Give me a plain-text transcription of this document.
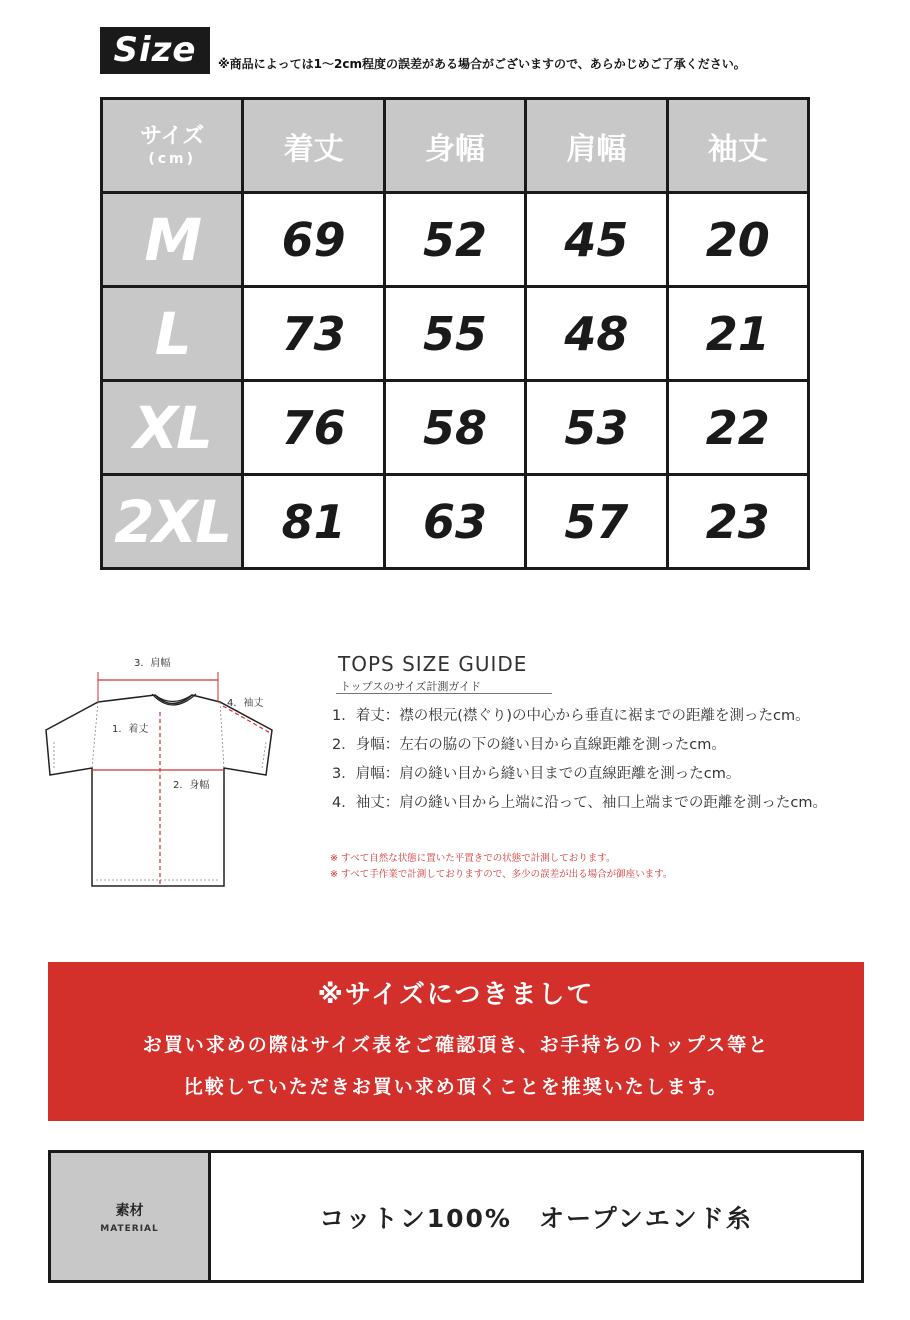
Size	※商品によっては1～2cm程度の誤差がある場合がございますので、あらかじめご了承ください。
サイズ
(cm)	着丈	身幅	肩幅	袖丈
M	69	52	45	20
L	73	55	48	21
XL	76	58	53	22
2XL	81	63	57	23
3．肩幅
4．袖丈
1．着丈
2．身幅
TOPS SIZE GUIDE
トップスのサイズ計測ガイド
1．着丈：襟の根元(襟ぐり)の中心から垂直に裾までの距離を測ったcm。
2．身幅：左右の脇の下の縫い目から直線距離を測ったcm。
3．肩幅：肩の縫い目から縫い目までの直線距離を測ったcm。
4．袖丈：肩の縫い目から上端に沿って、袖口上端までの距離を測ったcm。
※ すべて自然な状態に置いた平置きでの状態で計測しております。
※ すべて手作業で計測しておりますので、多少の誤差が出る場合が御座います。
※サイズにつきまして
お買い求めの際はサイズ表をご確認頂き、お手持ちのトップス等と
比較していただきお買い求め頂くことを推奨いたします。
素材
MATERIAL	コットン100%　オープンエンド糸
